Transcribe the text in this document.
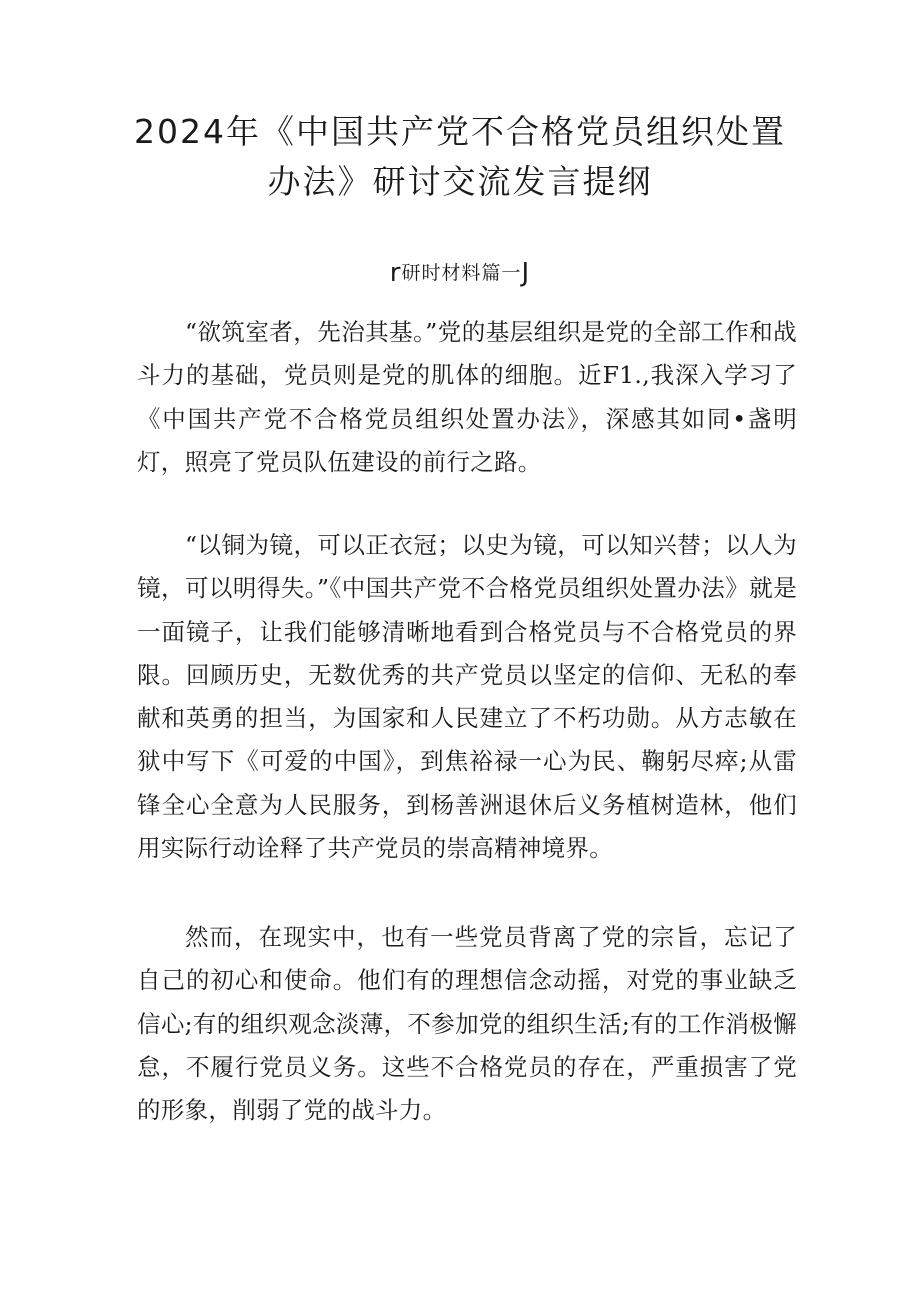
2024年《中国共产党不合格党员组织处置
办法》研讨交流发言提纲
r研时材料篇一J

“欲筑室者，先治其基。”党的基层组织是党的全部工作和战斗力的基础，党员则是党的肌体的细胞。近F1.,我深入学习了《中国共产党不合格党员组织处置办法》，深感其如同•盏明灯，照亮了党员队伍建设的前行之路。

“以铜为镜，可以正衣冠；以史为镜，可以知兴替；以人为镜，可以明得失。”《中国共产党不合格党员组织处置办法》就是一面镜子，让我们能够清晰地看到合格党员与不合格党员的界限。回顾历史，无数优秀的共产党员以坚定的信仰、无私的奉献和英勇的担当，为国家和人民建立了不朽功勋。从方志敏在狱中写下《可爱的中国》，到焦裕禄一心为民、鞠躬尽瘁;从雷锋全心全意为人民服务，到杨善洲退休后义务植树造林，他们用实际行动诠释了共产党员的崇高精神境界。

然而，在现实中，也有一些党员背离了党的宗旨，忘记了自己的初心和使命。他们有的理想信念动摇，对党的事业缺乏信心;有的组织观念淡薄，不参加党的组织生活;有的工作消极懈怠，不履行党员义务。这些不合格党员的存在，严重损害了党的形象，削弱了党的战斗力。
